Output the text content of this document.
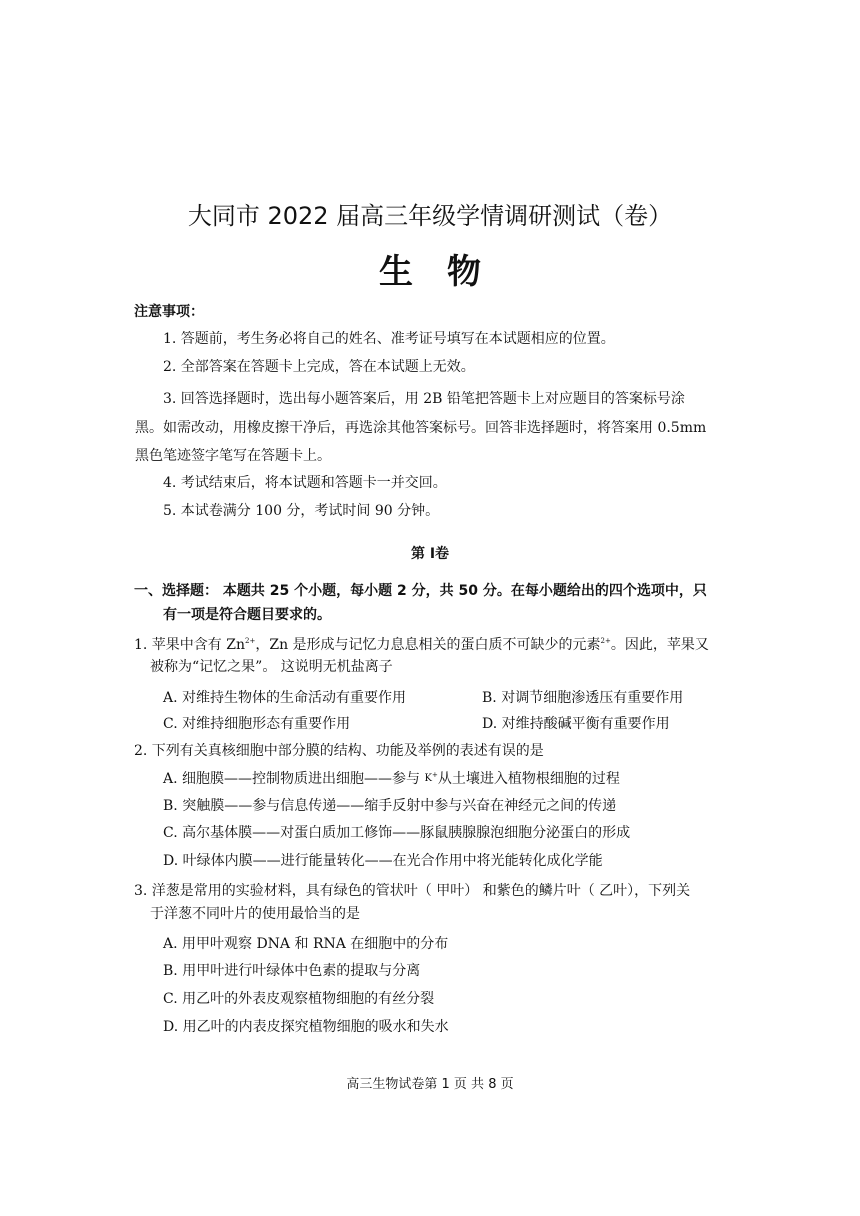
大同市 2022 届高三年级学情调研测试（卷）
生　物
注意事项：
1. 答题前，考生务必将自己的姓名、准考证号填写在本试题相应的位置。
2. 全部答案在答题卡上完成，答在本试题上无效。
3. 回答选择题时，选出每小题答案后，用 2B 铅笔把答题卡上对应题目的答案标号涂
黑。如需改动，用橡皮擦干净后，再选涂其他答案标号。回答非选择题时，将答案用 0.5mm
黑色笔迹签字笔写在答题卡上。
4. 考试结束后，将本试题和答题卡一并交回。
5. 本试卷满分 100 分，考试时间 90 分钟。
第 Ⅰ卷
一、选择题： 本题共 25 个小题，每小题 2 分，共 50 分。在每小题给出的四个选项中，只
有一项是符合题目要求的。
1. 苹果中含有 $Zn^{2+}$，Zn 是形成与记忆力息息相关的蛋白质不可缺少的元素$^{2+}$。因此，苹果又
被称为“记忆之果”。 这说明无机盐离子
A. 对维持生物体的生命活动有重要作用	B. 对调节细胞渗透压有重要作用
C. 对维持细胞形态有重要作用	D. 对维持酸碱平衡有重要作用
2. 下列有关真核细胞中部分膜的结构、功能及举例的表述有误的是
A. 细胞膜——控制物质进出细胞——参与 K+从土壤进入植物根细胞的过程
B. 突触膜——参与信息传递——缩手反射中参与兴奋在神经元之间的传递
C. 高尔基体膜——对蛋白质加工修饰——豚鼠胰腺腺泡细胞分泌蛋白的形成
D. 叶绿体内膜——进行能量转化——在光合作用中将光能转化成化学能
3. 洋葱是常用的实验材料，具有绿色的管状叶（ 甲叶） 和紫色的鳞片叶（ 乙叶），下列关
于洋葱不同叶片的使用最恰当的是
A. 用甲叶观察 DNA 和 RNA 在细胞中的分布
B. 用甲叶进行叶绿体中色素的提取与分离
C. 用乙叶的外表皮观察植物细胞的有丝分裂
D. 用乙叶的内表皮探究植物细胞的吸水和失水
高三生物试卷第 1 页 共 8 页
